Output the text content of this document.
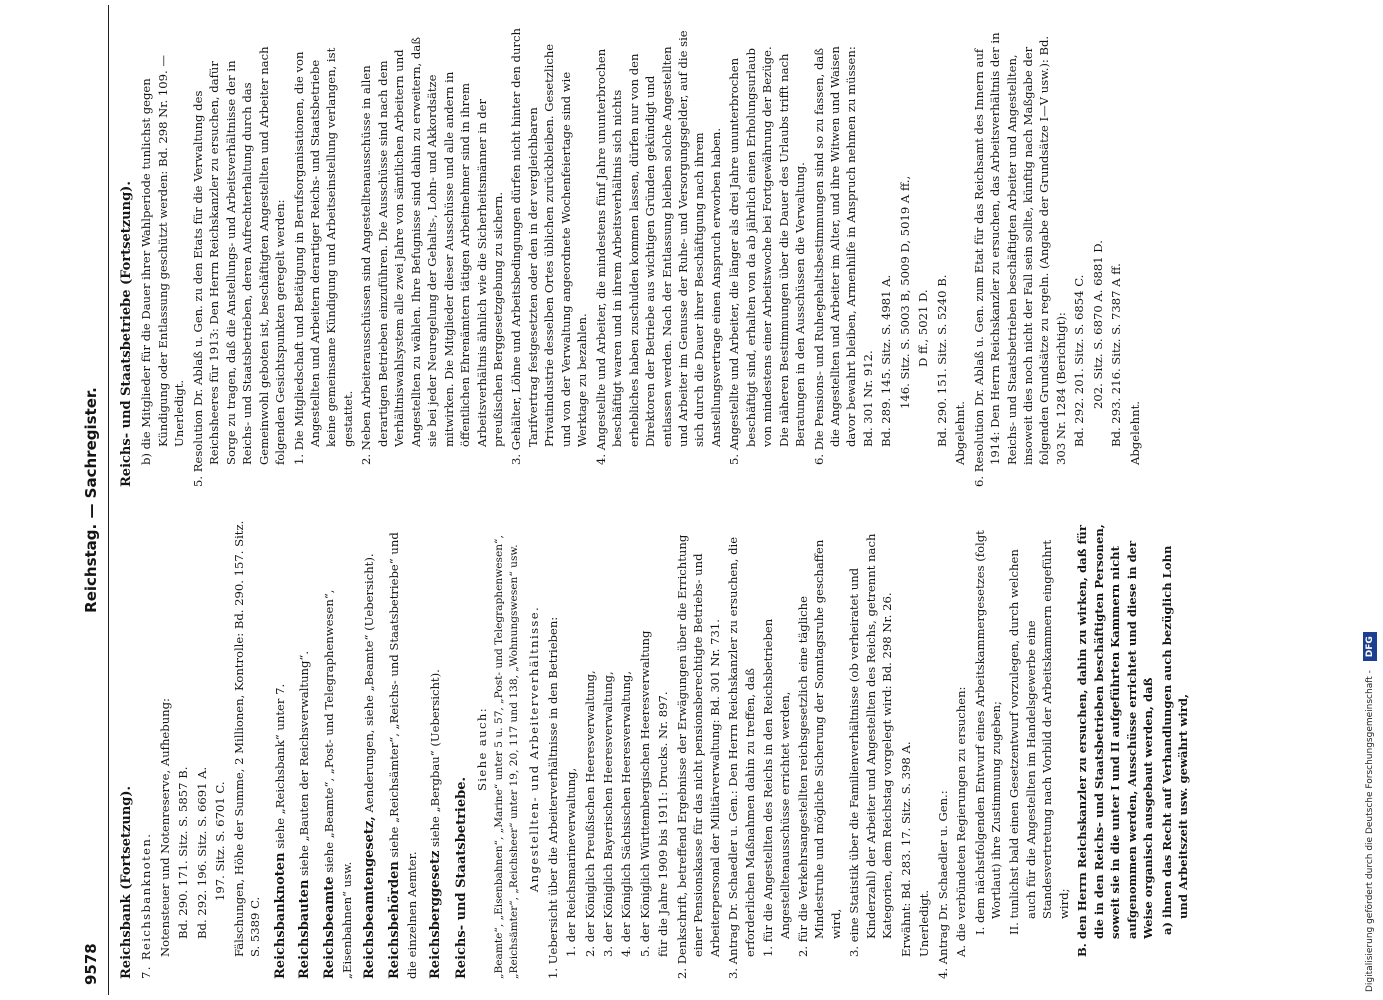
9578
Reichstag. — Sachregister.

Reichsbank (Fortsetzung). 7. Reichsbanknoten. Notensteuer und Notenreserve, Aufhebung: Bd. 290. 171. Sitz. S. 5857 B. Bd. 292. 196. Sitz. S. 6691 A. 197. Sitz. S. 6701 C. Fälschungen, Höhe der Summe, 2 Millionen, Kontrolle: Bd. 290. 157. Sitz. S. 5389 C. Reichsbanknoten siehe „Reichsbank“ unter 7.

Reichsbauten siehe „Bauten der Reichsverwaltung“.

Reichsbeamte siehe „Beamte“, „Post- und Telegraphenwesen“, „Eisenbahnen“ usw. Reichsbeamtengesetz, Aenderungen, siehe „Beamte“ (Uebersicht).

Reichsbehörden siehe „Reichsämter“, „Reichs- und Staatsbetriebe“ und die einzelnen Aemter. Reichsberggesetz siehe „Bergbau“ (Uebersicht).

Reichs- und Staatsbetriebe.

Siehe auch: „Beamte“, „Eisenbahnen“, „Marine“ unter 5 u. 57, „Post- und Telegraphenwesen“, „Reichsämter“, „Reichsheer“ unter 19, 20, 117 und 138, „Wohnungswesen“ usw. Angestellten- und Arbeiterverhältnisse. 1. Uebersicht über die Arbeiterverhältnisse in den Betrieben: 1. der Reichsmarineverwaltung, 2. der Königlich Preußischen Heeresverwaltung, 3. der Königlich Bayerischen Heeresverwaltung, 4. der Königlich Sächsischen Heeresverwaltung, 5. der Königlich Württembergischen Heeresverwaltung für die Jahre 1909 bis 1911: Drucks. Nr. 897. 2. Denkschrift, betreffend Ergebnisse der Erwägungen über die Errichtung einer Pensionskasse für das nicht pensionsberechtigte Betriebs- und Arbeiterpersonal der Militärverwaltung: Bd. 301 Nr. 731. 3. Antrag Dr. Schaedler u. Gen.: Den Herrn Reichskanzler zu ersuchen, die erforderlichen Maßnahmen dahin zu treffen, daß 1. für die Angestellten des Reichs in den Reichsbetrieben Angestelltenausschüsse errichtet werden, 2. für die Verkehrsangestellten reichsgesetzlich eine tägliche Mindestruhe und mögliche Sicherung der Sonntagsruhe geschaffen wird, 3. eine Statistik über die Familienverhältnisse (ob verheiratet und Kinderzahl) der Arbeiter und Angestellten des Reichs, getrennt nach Kategorien, dem Reichstag vorgelegt wird: Bd. 298 Nr. 26. Erwähnt: Bd. 283. 17. Sitz. S. 398 A. Unerledigt. 4. Antrag Dr. Schaedler u. Gen.: A. die verbündeten Regierungen zu ersuchen: I. dem nächstfolgenden Entwurf eines Arbeitskammergesetzes (folgt Wortlaut) ihre Zustimmung zugeben; II. tunlichst bald einen Gesetzentwurf vorzulegen, durch welchen auch für die Angestellten im Handelsgewerbe eine Standesvertretung nach Vorbild der Arbeitskammern eingeführt wird; B. den Herrn Reichskanzler zu ersuchen, dahin zu wirken, daß für die in den Reichs- und Staatsbetrieben beschäftigten Personen, soweit sie in die unter I und II aufgeführten Kammern nicht aufgenommen werden, Ausschüsse errichtet und diese in der Weise organisch ausgebaut werden, daß a) ihnen das Recht auf Verhandlungen auch bezüglich Lohn und Arbeitszeit usw. gewährt wird,

Reichs- und Staatsbetriebe (Fortsetzung). b) die Mitglieder für die Dauer ihrer Wahlperiode tunlichst gegen Kündigung oder Entlassung geschützt werden: Bd. 298 Nr. 109. — Unerledigt. 5. Resolution Dr. Ablaß u. Gen. zu den Etats für die Verwaltung des Reichsheeres für 1913: Den Herrn Reichskanzler zu ersuchen, dafür Sorge zu tragen, daß die Anstellungs- und Arbeitsverhältnisse der in Reichs- und Staatsbetrieben, deren Aufrechterhaltung durch das Gemeinwohl geboten ist, beschäftigten Angestellten und Arbeiter nach folgenden Gesichtspunkten geregelt werden: 1. Die Mitgliedschaft und Betätigung in Berufsorganisationen, die von Angestellten und Arbeitern derartiger Reichs- und Staatsbetriebe keine gemeinsame Kündigung und Arbeitseinstellung verlangen, ist gestattet. 2. Neben Arbeiterausschüssen sind Angestelltenausschüsse in allen derartigen Betrieben einzuführen. Die Ausschüsse sind nach dem Verhältniswahlsystem alle zwei Jahre von sämtlichen Arbeitern und Angestellten zu wählen. Ihre Befugnisse sind dahin zu erweitern, daß sie bei jeder Neuregelung der Gehalts-, Lohn- und Akkordsätze mitwirken. Die Mitglieder dieser Ausschüsse und alle andern in öffentlichen Ehrenämtern tätigen Arbeitnehmer sind in ihrem Arbeitsverhältnis ähnlich wie die Sicherheitsmänner in der preußischen Berggesetzgebung zu sichern. 3. Gehälter, Löhne und Arbeitsbedingungen dürfen nicht hinter den durch Tarifvertrag festgesetzten oder den in der vergleichbaren Privatindustrie desselben Ortes üblichen zurückbleiben. Gesetzliche und von der Verwaltung angeordnete Wochenfeiertage sind wie Werktage zu bezahlen. 4. Angestellte und Arbeiter, die mindestens fünf Jahre ununterbrochen beschäftigt waren und in ihrem Arbeitsverhältnis sich nichts erhebliches haben zuschulden kommen lassen, dürfen nur von den Direktoren der Betriebe aus wichtigen Gründen gekündigt und entlassen werden. Nach der Entlassung bleiben solche Angestellten und Arbeiter im Genusse der Ruhe- und Versorgungsgelder, auf die sie sich durch die Dauer ihrer Beschäftigung nach ihrem Anstellungsvertrage einen Anspruch erworben haben. 5. Angestellte und Arbeiter, die länger als drei Jahre ununterbrochen beschäftigt sind, erhalten von da ab jährlich einen Erholungsurlaub von mindestens einer Arbeitswoche bei Fortgewährung der Bezüge. Die näheren Bestimmungen über die Dauer des Urlaubs trifft nach Beratungen in den Ausschüssen die Verwaltung. 6. Die Pensions- und Ruhegehaltsbestimmungen sind so zu fassen, daß die Angestellten und Arbeiter im Alter, und ihre Witwen und Waisen davor bewahrt bleiben, Armenhilfe in Anspruch nehmen zu müssen: Bd. 301 Nr. 912. Bd. 289. 145. Sitz. S. 4981 A. 146. Sitz. S. 5003 B, 5009 D, 5019 A ff., D ff., 5021 D. Bd. 290. 151. Sitz. S. 5240 B. Abgelehnt. 6. Resolution Dr. Ablaß u. Gen. zum Etat für das Reichsamt des Innern auf 1914: Den Herrn Reichskanzler zu ersuchen, das Arbeitsverhältnis der in Reichs- und Staatsbetrieben beschäftigten Arbeiter und Angestellten, insoweit dies noch nicht der Fall sein sollte, künftig nach Maßgabe der folgenden Grundsätze zu regeln. (Angabe der Grundsätze I—V usw.): Bd. 303 Nr. 1284 (Berichtigt): Bd. 292. 201. Sitz. S. 6854 C. 202. Sitz. S. 6870 A. 6881 D. Bd. 293. 216. Sitz. S. 7387 A ff. Abgelehnt.

Digitalisierung gefördert durch die Deutsche Forschungsgemeinschaft - DFG
